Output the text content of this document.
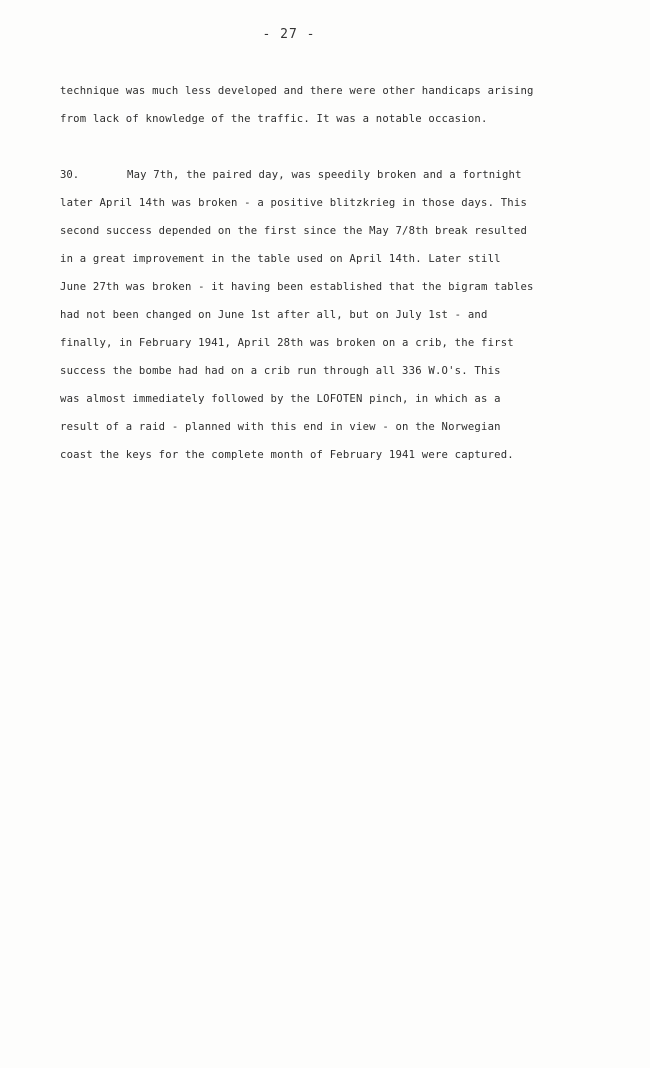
- 27 -
technique was much less developed and there were other handicaps arising
from lack of knowledge of the traffic. It was a notable occasion.
30.	May 7th, the paired day, was speedily broken and a fortnight
later April 14th was broken - a positive blitzkrieg in those days. This
second success depended on the first since the May 7/8th break resulted
in a great improvement in the table used on April 14th. Later still
June 27th was broken - it having been established that the bigram tables
had not been changed on June 1st after all, but on July 1st - and
finally, in February 1941, April 28th was broken on a crib, the first
success the bombe had had on a crib run through all 336 W.O's. This
was almost immediately followed by the LOFOTEN pinch, in which as a
result of a raid - planned with this end in view - on the Norwegian
coast the keys for the complete month of February 1941 were captured.
